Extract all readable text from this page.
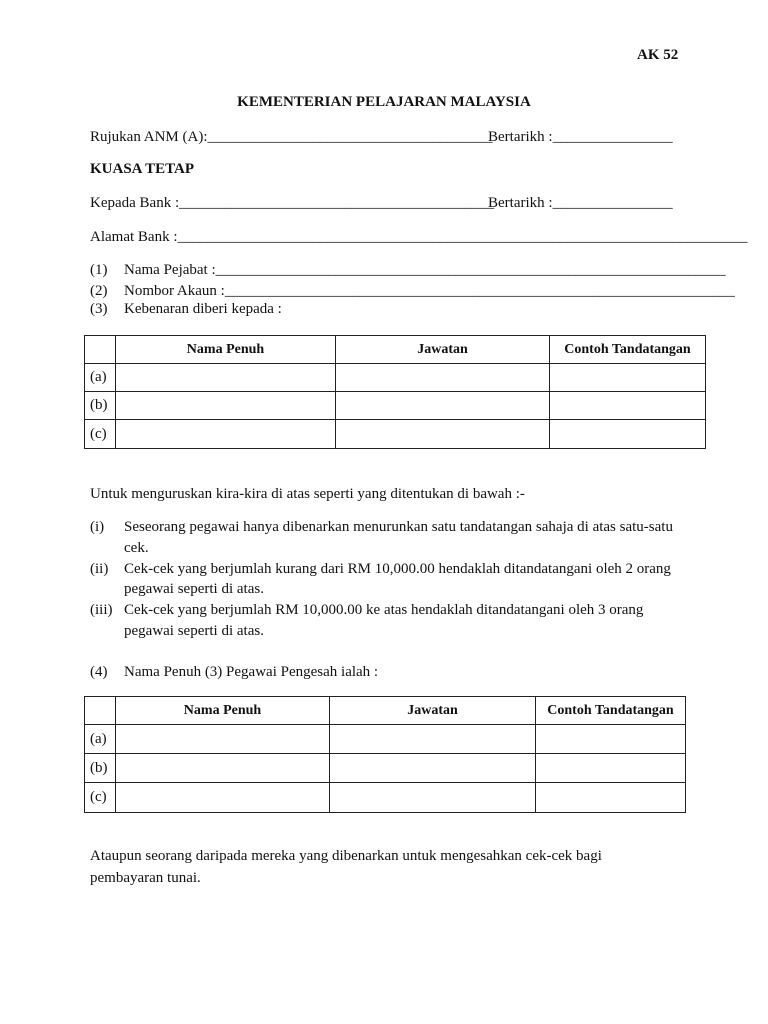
AK 52
KEMENTERIAN PELAJARAN MALAYSIA
Rujukan ANM (A):______________________________________
Bertarikh :________________
KUASA TETAP
Kepada Bank :__________________________________________
Bertarikh :________________
Alamat Bank :____________________________________________________________________________
(1) Nama Pejabat :____________________________________________________________________
(2) Nombor Akaun :____________________________________________________________________
(3) Kebenaran diberi kepada :
	Nama Penuh	Jawatan	Contoh Tandatangan
(a)			
(b)			
(c)			
Untuk menguruskan kira-kira di atas seperti yang ditentukan di bawah :-
(i) Seseorang pegawai hanya dibenarkan menurunkan satu tandatangan sahaja di atas satu-satu
cek.
(ii) Cek-cek yang berjumlah kurang dari RM 10,000.00 hendaklah ditandatangani oleh 2 orang
pegawai seperti di atas.
(iii) Cek-cek yang berjumlah RM 10,000.00 ke atas hendaklah ditandatangani oleh 3 orang
pegawai seperti di atas.
(4) Nama Penuh (3) Pegawai Pengesah ialah :
	Nama Penuh	Jawatan	Contoh Tandatangan
(a)			
(b)			
(c)			
Ataupun seorang daripada mereka yang dibenarkan untuk mengesahkan cek-cek bagi
pembayaran tunai.
